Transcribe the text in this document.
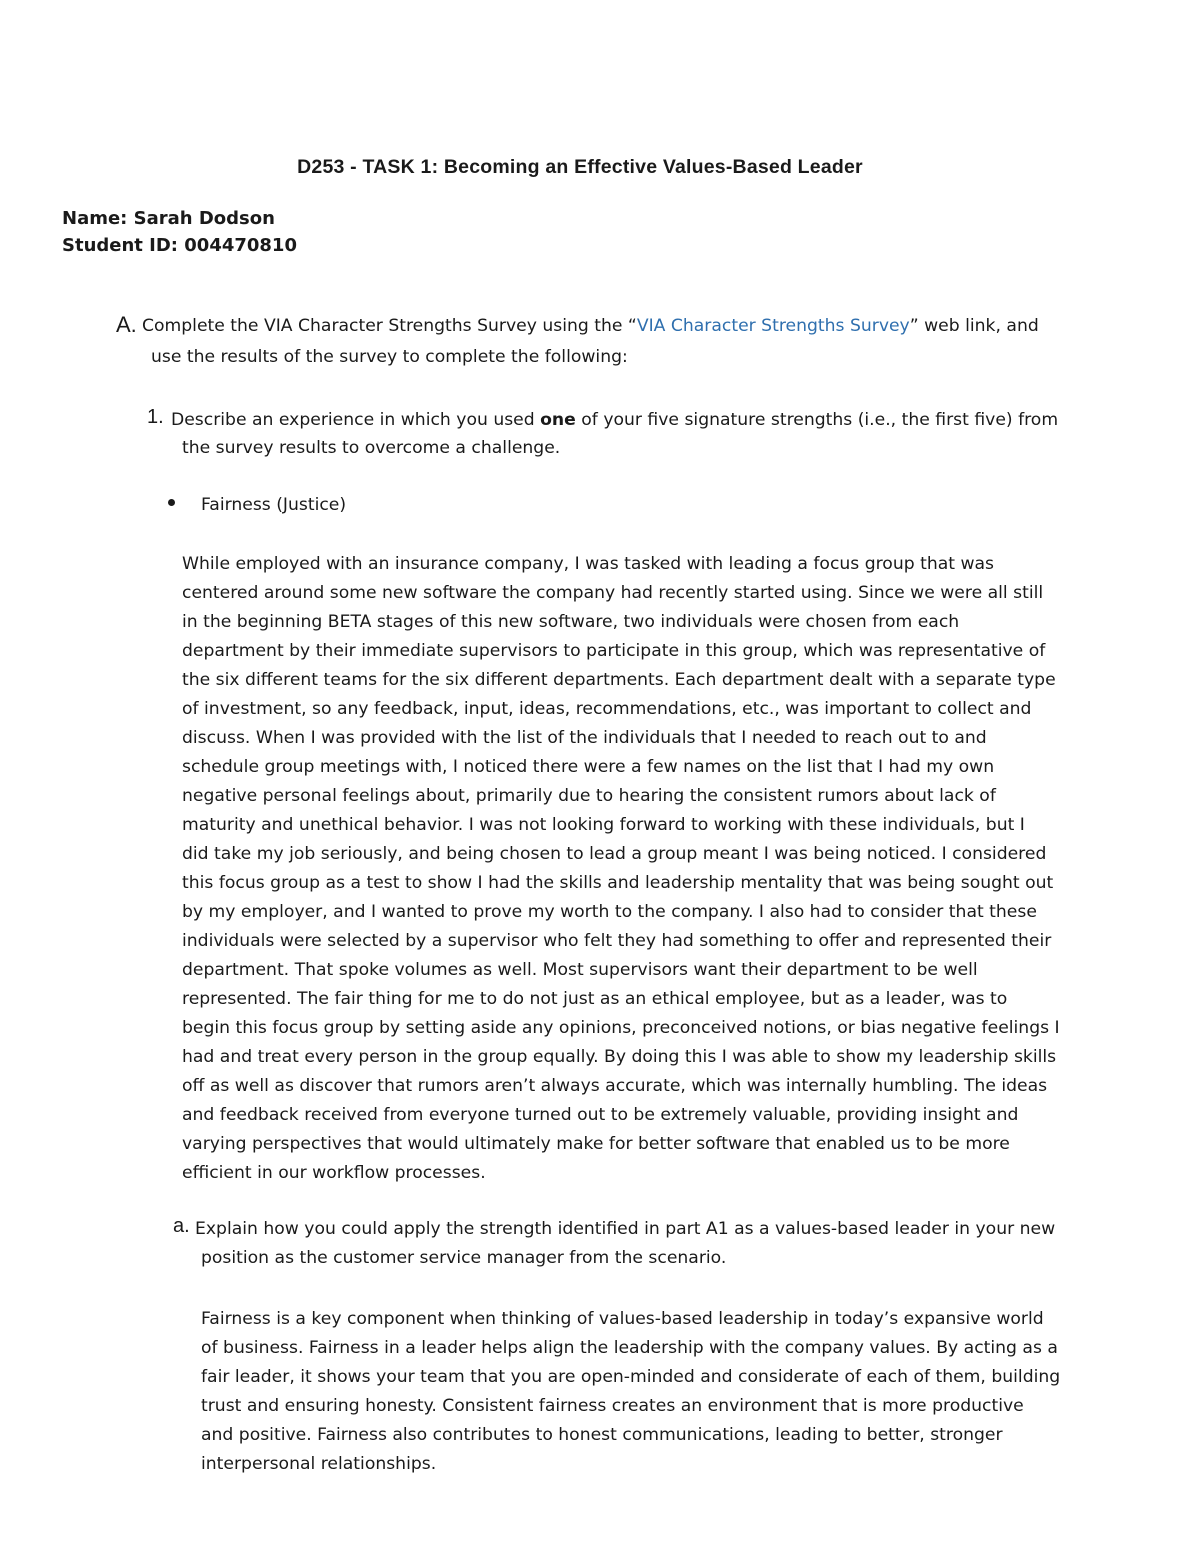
D253 - TASK 1: Becoming an Effective Values-Based Leader
Name: Sarah Dodson
Student ID: 004470810
A. Complete the VIA Character Strengths Survey using the “VIA Character Strengths Survey” web link, and
use the results of the survey to complete the following:
1. Describe an experience in which you used one of your five signature strengths (i.e., the first five) from
the survey results to overcome a challenge.
Fairness (Justice)
While employed with an insurance company, I was tasked with leading a focus group that was
centered around some new software the company had recently started using. Since we were all still
in the beginning BETA stages of this new software, two individuals were chosen from each
department by their immediate supervisors to participate in this group, which was representative of
the six different teams for the six different departments. Each department dealt with a separate type
of investment, so any feedback, input, ideas, recommendations, etc., was important to collect and
discuss. When I was provided with the list of the individuals that I needed to reach out to and
schedule group meetings with, I noticed there were a few names on the list that I had my own
negative personal feelings about, primarily due to hearing the consistent rumors about lack of
maturity and unethical behavior. I was not looking forward to working with these individuals, but I
did take my job seriously, and being chosen to lead a group meant I was being noticed. I considered
this focus group as a test to show I had the skills and leadership mentality that was being sought out
by my employer, and I wanted to prove my worth to the company. I also had to consider that these
individuals were selected by a supervisor who felt they had something to offer and represented their
department. That spoke volumes as well. Most supervisors want their department to be well
represented. The fair thing for me to do not just as an ethical employee, but as a leader, was to
begin this focus group by setting aside any opinions, preconceived notions, or bias negative feelings I
had and treat every person in the group equally. By doing this I was able to show my leadership skills
off as well as discover that rumors aren’t always accurate, which was internally humbling. The ideas
and feedback received from everyone turned out to be extremely valuable, providing insight and
varying perspectives that would ultimately make for better software that enabled us to be more
efficient in our workflow processes.
a. Explain how you could apply the strength identified in part A1 as a values-based leader in your new
position as the customer service manager from the scenario.
Fairness is a key component when thinking of values-based leadership in today’s expansive world
of business. Fairness in a leader helps align the leadership with the company values. By acting as a
fair leader, it shows your team that you are open-minded and considerate of each of them, building
trust and ensuring honesty. Consistent fairness creates an environment that is more productive
and positive. Fairness also contributes to honest communications, leading to better, stronger
interpersonal relationships.
